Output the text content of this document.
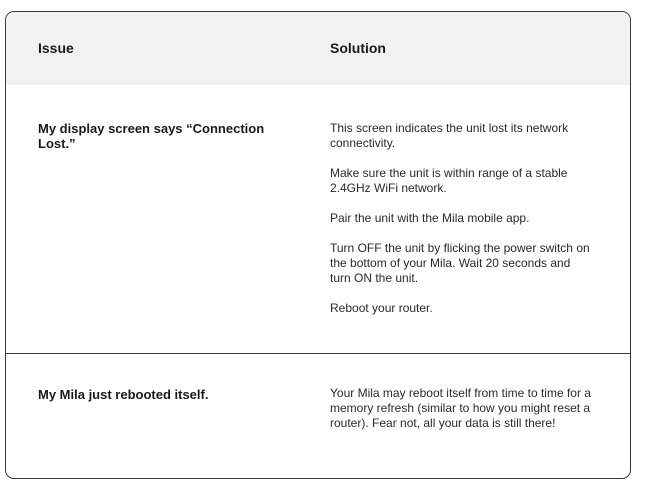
Issue	Solution
My display screen says “Connection Lost.”
This screen indicates the unit lost its network connectivity.
Make sure the unit is within range of a stable 2.4GHz WiFi network.
Pair the unit with the Mila mobile app.
Turn OFF the unit by flicking the power switch on the bottom of your Mila. Wait 20 seconds and turn ON the unit.
Reboot your router.
My Mila just rebooted itself.	Your Mila may reboot itself from time to time for a memory refresh (similar to how you might reset a router). Fear not, all your data is still there!
